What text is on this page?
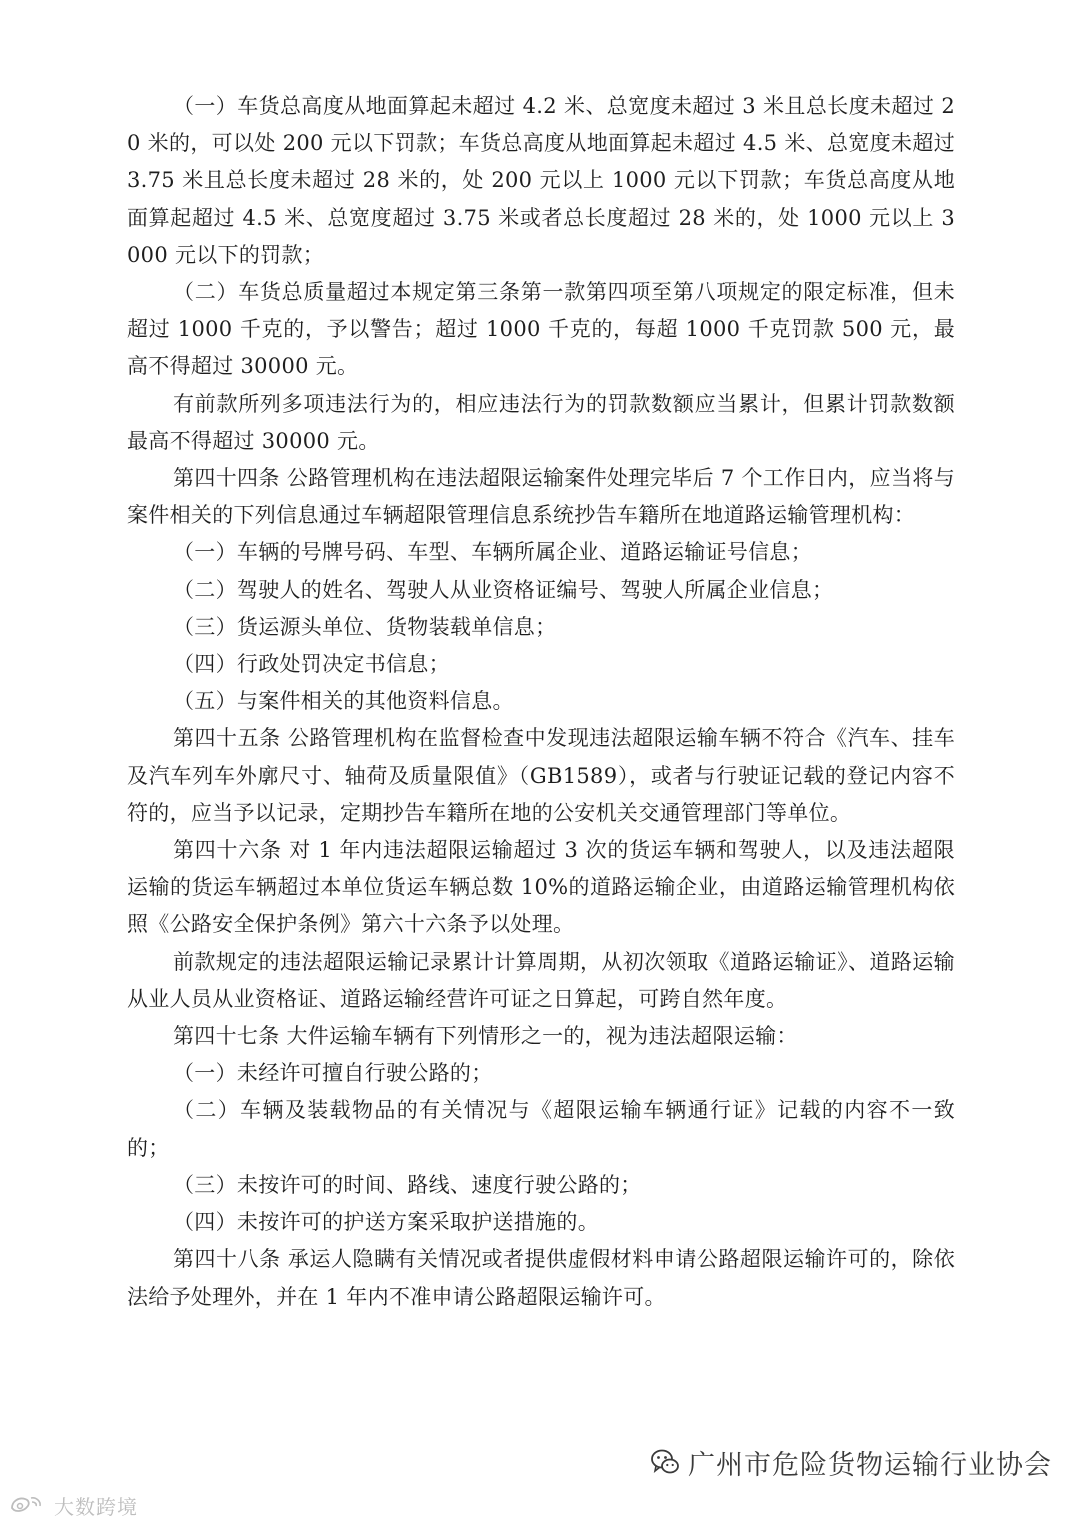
（一）车货总高度从地面算起未超过 4.2 米、总宽度未超过 3 米且总长度未超过 20 米的，可以处 200 元以下罚款；车货总高度从地面算起未超过 4.5 米、总宽度未超过 3.75 米且总长度未超过 28 米的，处 200 元以上 1000 元以下罚款；车货总高度从地面算起超过 4.5 米、总宽度超过 3.75 米或者总长度超过 28 米的，处 1000 元以上 3000 元以下的罚款；

（二）车货总质量超过本规定第三条第一款第四项至第八项规定的限定标准，但未超过 1000 千克的，予以警告；超过 1000 千克的，每超 1000 千克罚款 500 元，最高不得超过 30000 元。

有前款所列多项违法行为的，相应违法行为的罚款数额应当累计，但累计罚款数额最高不得超过 30000 元。

第四十四条 公路管理机构在违法超限运输案件处理完毕后 7 个工作日内，应当将与案件相关的下列信息通过车辆超限管理信息系统抄告车籍所在地道路运输管理机构：

（一）车辆的号牌号码、车型、车辆所属企业、道路运输证号信息；

（二）驾驶人的姓名、驾驶人从业资格证编号、驾驶人所属企业信息；

（三）货运源头单位、货物装载单信息；

（四）行政处罚决定书信息；

（五）与案件相关的其他资料信息。

第四十五条 公路管理机构在监督检查中发现违法超限运输车辆不符合《汽车、挂车及汽车列车外廓尺寸、轴荷及质量限值》（GB1589），或者与行驶证记载的登记内容不符的，应当予以记录，定期抄告车籍所在地的公安机关交通管理部门等单位。

第四十六条 对 1 年内违法超限运输超过 3 次的货运车辆和驾驶人，以及违法超限运输的货运车辆超过本单位货运车辆总数 10%的道路运输企业，由道路运输管理机构依照《公路安全保护条例》第六十六条予以处理。

前款规定的违法超限运输记录累计计算周期，从初次领取《道路运输证》、道路运输从业人员从业资格证、道路运输经营许可证之日算起，可跨自然年度。

第四十七条 大件运输车辆有下列情形之一的，视为违法超限运输：

（一）未经许可擅自行驶公路的；

（二）车辆及装载物品的有关情况与《超限运输车辆通行证》记载的内容不一致的；

（三）未按许可的时间、路线、速度行驶公路的；

（四）未按许可的护送方案采取护送措施的。

第四十八条 承运人隐瞒有关情况或者提供虚假材料申请公路超限运输许可的，除依法给予处理外，并在 1 年内不准申请公路超限运输许可。

广州市危险货物运输行业协会
大数跨境
